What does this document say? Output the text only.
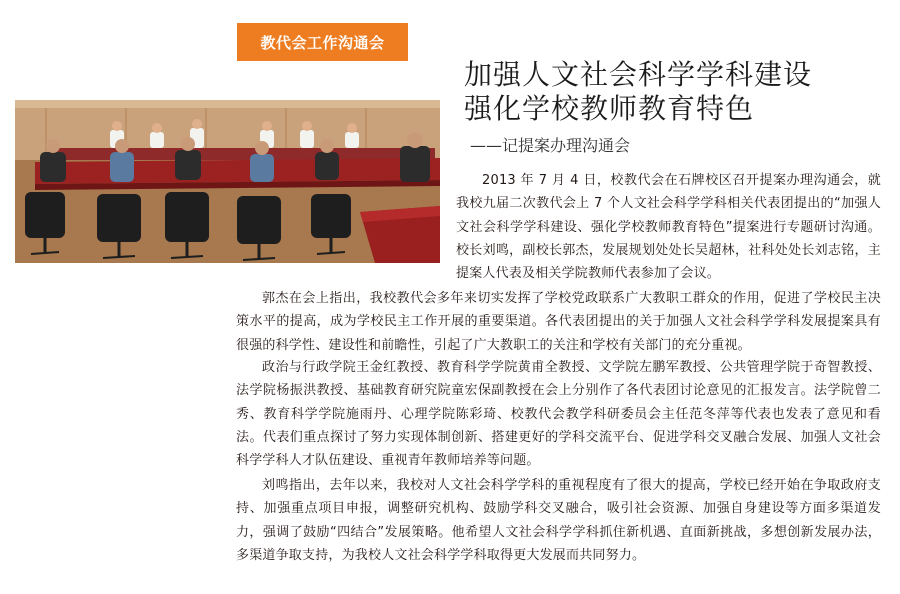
教代会工作沟通会
加强人文社会科学学科建设
强化学校教师教育特色
——记提案办理沟通会

2013 年 7 月 4 日，校教代会在石牌校区召开提案办理沟通会，就我校九届二次教代会上 7 个人文社会科学学科相关代表团提出的“加强人文社会科学学科建设、强化学校教师教育特色”提案进行专题研讨沟通。校长刘鸣，副校长郭杰，发展规划处处长吴超林，社科处处长刘志铭，主提案人代表及相关学院教师代表参加了会议。

郭杰在会上指出，我校教代会多年来切实发挥了学校党政联系广大教职工群众的作用，促进了学校民主决策水平的提高，成为学校民主工作开展的重要渠道。各代表团提出的关于加强人文社会科学学科发展提案具有很强的科学性、建设性和前瞻性，引起了广大教职工的关注和学校有关部门的充分重视。

政治与行政学院王金红教授、教育科学学院黄甫全教授、文学院左鹏军教授、公共管理学院于奇智教授、法学院杨振洪教授、基础教育研究院童宏保副教授在会上分别作了各代表团讨论意见的汇报发言。法学院曾二秀、教育科学学院施雨丹、心理学院陈彩琦、校教代会教学科研委员会主任范冬萍等代表也发表了意见和看法。代表们重点探讨了努力实现体制创新、搭建更好的学科交流平台、促进学科交叉融合发展、加强人文社会科学学科人才队伍建设、重视青年教师培养等问题。

刘鸣指出，去年以来，我校对人文社会科学学科的重视程度有了很大的提高，学校已经开始在争取政府支持、加强重点项目申报，调整研究机构、鼓励学科交叉融合，吸引社会资源、加强自身建设等方面多渠道发力，强调了鼓励“四结合”发展策略。他希望人文社会科学学科抓住新机遇、直面新挑战，多想创新发展办法，多渠道争取支持，为我校人文社会科学学科取得更大发展而共同努力。
